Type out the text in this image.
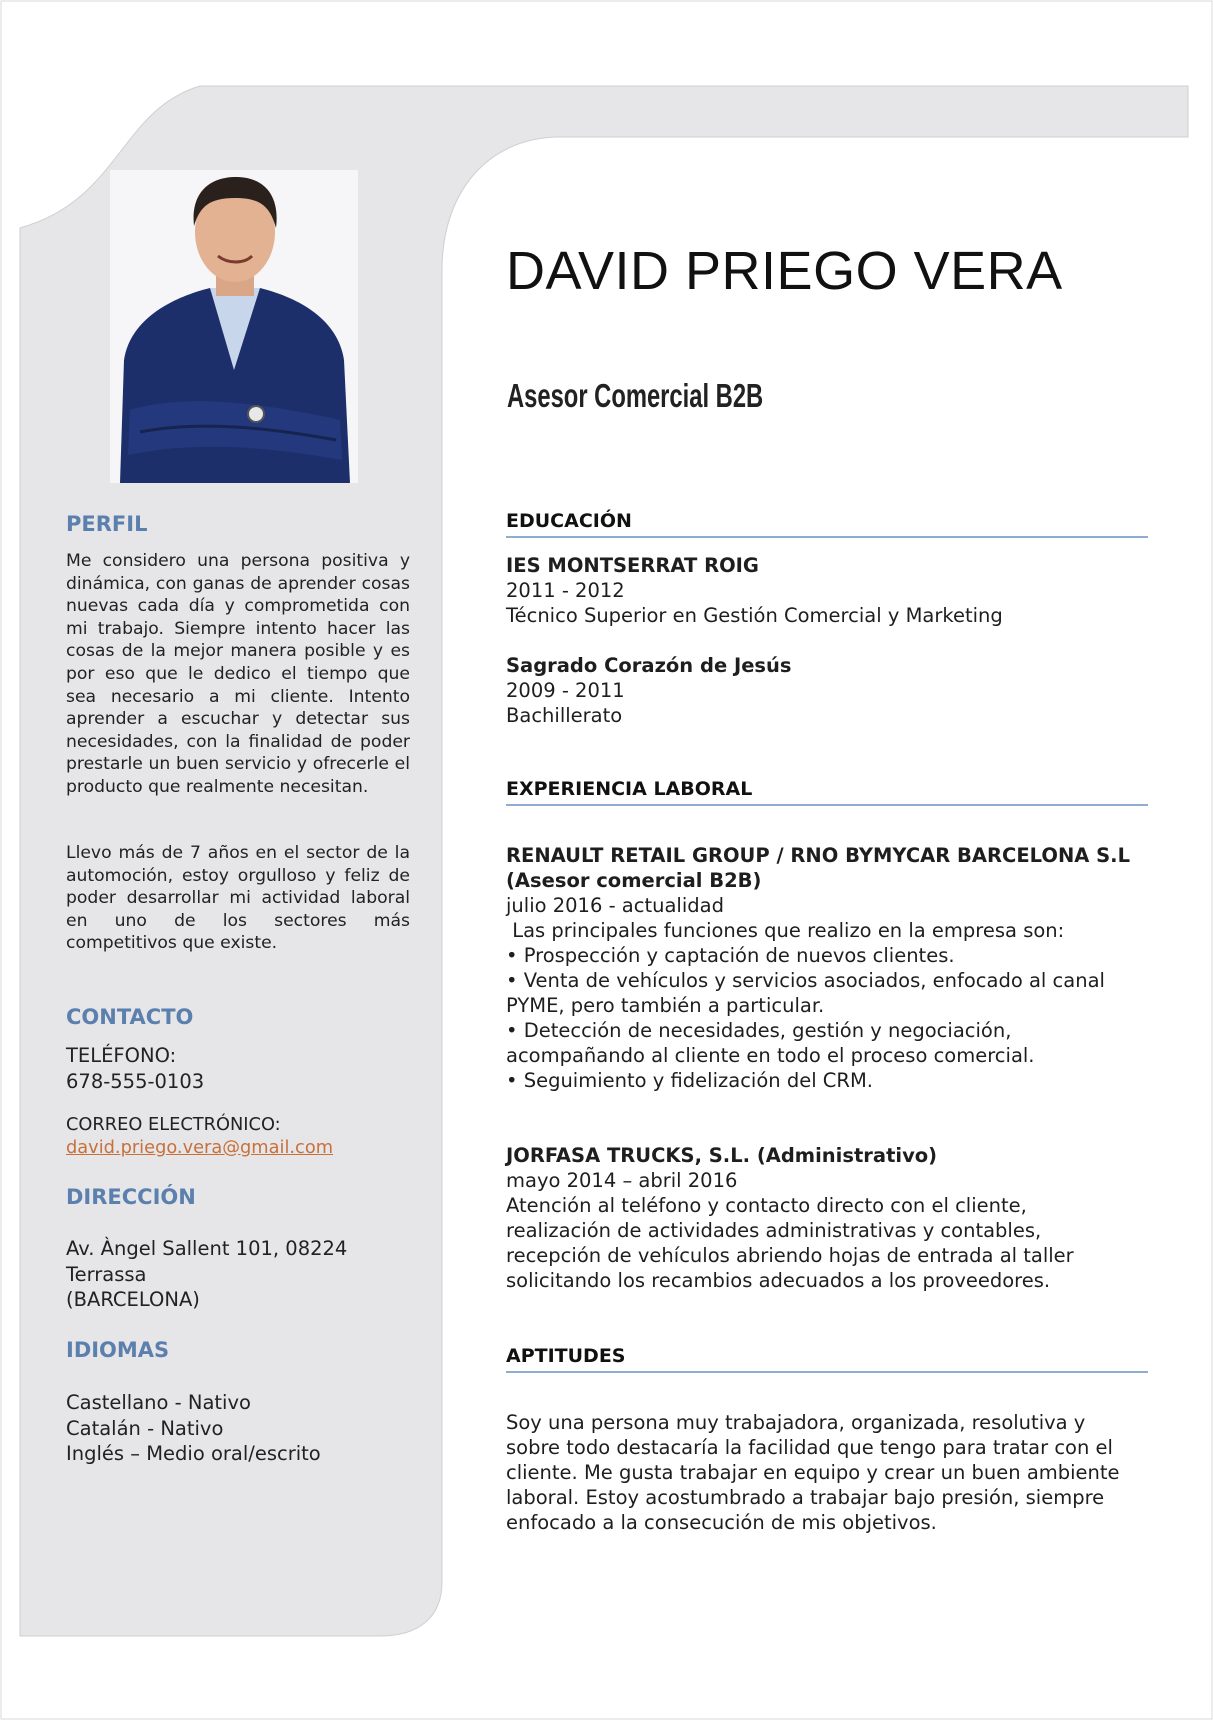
PERFIL

Me considero una persona positiva y dinámica, con ganas de aprender cosas nuevas cada día y comprometida con mi trabajo. Siempre intento hacer las cosas de la mejor manera posible y es por eso que le dedico el tiempo que sea necesario a mi cliente. Intento aprender a escuchar y detectar sus necesidades, con la finalidad de poder prestarle un buen servicio y ofrecerle el producto que realmente necesitan.

Llevo más de 7 años en el sector de la automoción, estoy orgulloso y feliz de poder desarrollar mi actividad laboral en uno de los sectores más competitivos que existe.

CONTACTO
TELÉFONO:
678-555-0103
CORREO ELECTRÓNICO:
david.priego.vera@gmail.com
DIRECCIÓN
Av. Àngel Sallent 101, 08224
Terrassa
(BARCELONA)
IDIOMAS
Castellano - Nativo
Catalán - Nativo
Inglés – Medio oral/escrito
DAVID PRIEGO VERA
Asesor Comercial B2B
EDUCACIÓN
IES MONTSERRAT ROIG
2011 - 2012
Técnico Superior en Gestión Comercial y Marketing
Sagrado Corazón de Jesús
2009 - 2011
Bachillerato
EXPERIENCIA LABORAL
RENAULT RETAIL GROUP / RNO BYMYCAR BARCELONA S.L
(Asesor comercial B2B)
julio 2016 - actualidad
Las principales funciones que realizo en la empresa son:
• Prospección y captación de nuevos clientes.
• Venta de vehículos y servicios asociados, enfocado al canal
PYME, pero también a particular.
• Detección de necesidades, gestión y negociación,
acompañando al cliente en todo el proceso comercial.
• Seguimiento y fidelización del CRM.
JORFASA TRUCKS, S.L. (Administrativo)
mayo 2014 – abril 2016
Atención al teléfono y contacto directo con el cliente,
realización de actividades administrativas y contables,
recepción de vehículos abriendo hojas de entrada al taller
solicitando los recambios adecuados a los proveedores.
APTITUDES
Soy una persona muy trabajadora, organizada, resolutiva y
sobre todo destacaría la facilidad que tengo para tratar con el
cliente. Me gusta trabajar en equipo y crear un buen ambiente
laboral. Estoy acostumbrado a trabajar bajo presión, siempre
enfocado a la consecución de mis objetivos.
